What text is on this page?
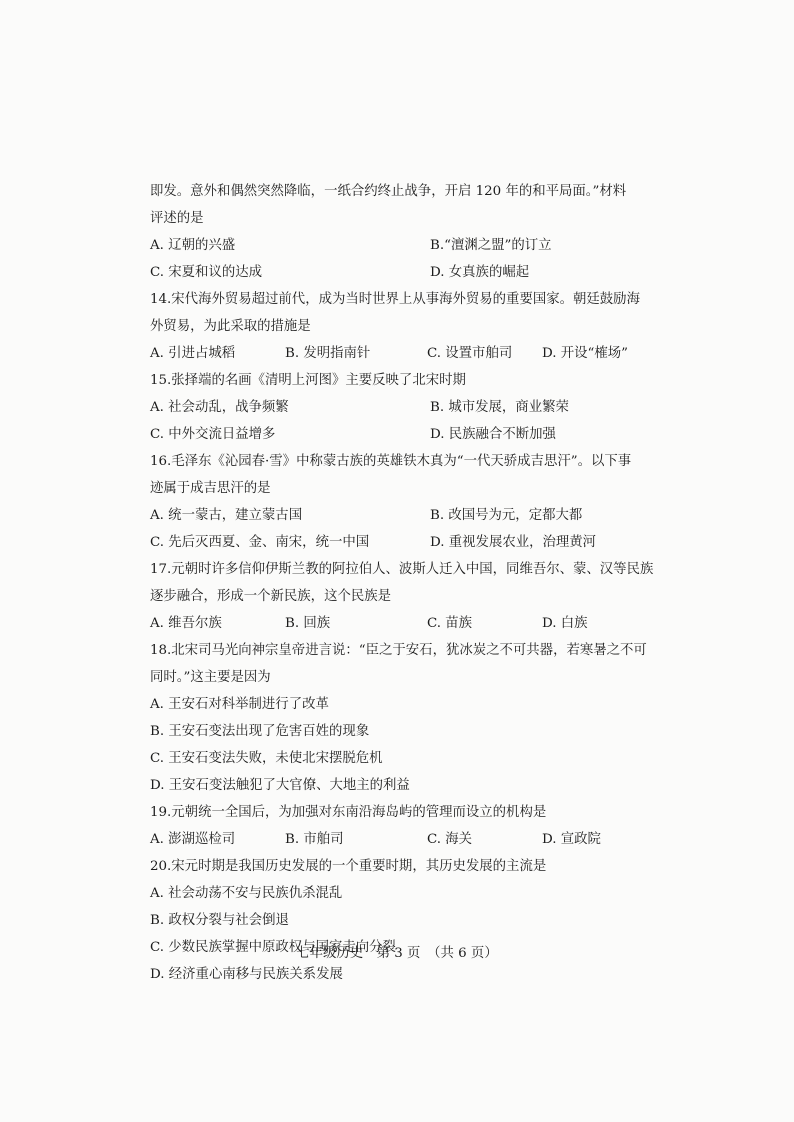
即发。意外和偶然突然降临，一纸合约终止战争，开启 120 年的和平局面。”材料
评述的是
A. 辽朝的兴盛	B.“澶渊之盟”的订立
C. 宋夏和议的达成	D. 女真族的崛起
14. 宋代海外贸易超过前代，成为当时世界上从事海外贸易的重要国家。朝廷鼓励海
外贸易，为此采取的措施是
A. 引进占城稻	B. 发明指南针	C. 设置市舶司	D. 开设“榷场”
15. 张择端的名画《清明上河图》主要反映了北宋时期
A. 社会动乱，战争频繁	B. 城市发展，商业繁荣
C. 中外交流日益增多	D. 民族融合不断加强
16. 毛泽东《沁园春·雪》中称蒙古族的英雄铁木真为“一代天骄成吉思汗”。以下事
迹属于成吉思汗的是
A. 统一蒙古，建立蒙古国	B. 改国号为元，定都大都
C. 先后灭西夏、金、南宋，统一中国	D. 重视发展农业，治理黄河
17. 元朝时许多信仰伊斯兰教的阿拉伯人、波斯人迁入中国，同维吾尔、蒙、汉等民族
逐步融合，形成一个新民族，这个民族是
A. 维吾尔族	B. 回族	C. 苗族	D. 白族
18. 北宋司马光向神宗皇帝进言说：“臣之于安石，犹冰炭之不可共器，若寒暑之不可
同时。”这主要是因为
A. 王安石对科举制进行了改革
B. 王安石变法出现了危害百姓的现象
C. 王安石变法失败，未使北宋摆脱危机
D. 王安石变法触犯了大官僚、大地主的利益
19. 元朝统一全国后，为加强对东南沿海岛屿的管理而设立的机构是
A. 澎湖巡检司	B. 市舶司	C. 海关	D. 宣政院
20. 宋元时期是我国历史发展的一个重要时期，其历史发展的主流是
A. 社会动荡不安与民族仇杀混乱
B. 政权分裂与社会倒退
C. 少数民族掌握中原政权与国家走向分裂
D. 经济重心南移与民族关系发展
七年级历史　第 3 页　（共 6 页）
